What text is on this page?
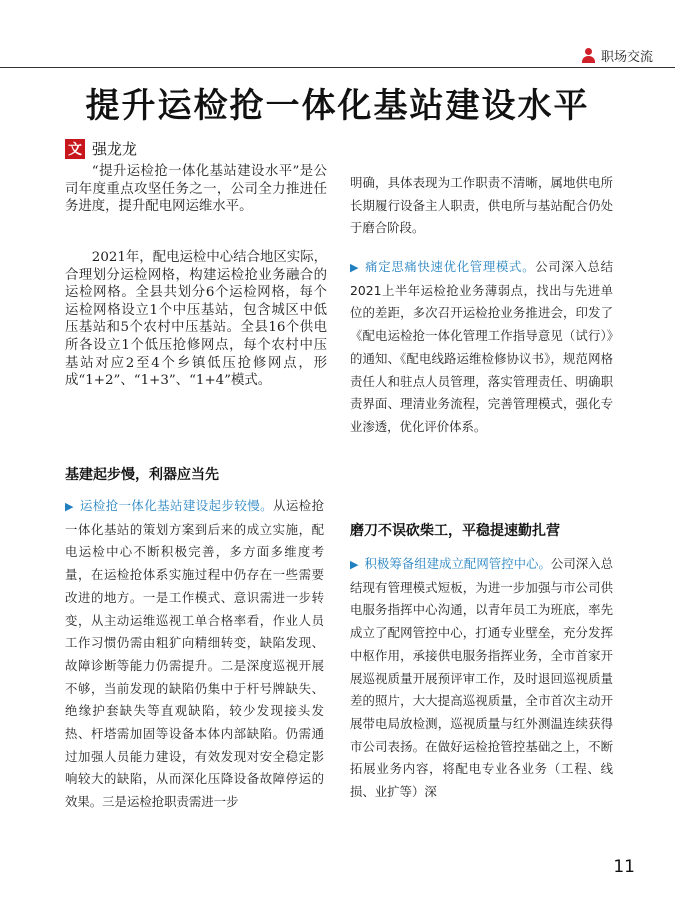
职场交流
提升运检抢一体化基站建设水平
文 强龙龙

“提升运检抢一体化基站建设水平”是公司年度重点攻坚任务之一，公司全力推进任务进度，提升配电网运维水平。

2021年，配电运检中心结合地区实际，合理划分运检网格，构建运检抢业务融合的运检网格。全县共划分6个运检网格，每个运检网格设立1个中压基站，包含城区中低压基站和5个农村中压基站。全县16个供电所各设立1个低压抢修网点，每个农村中压基站对应2至4个乡镇低压抢修网点，形成“1+2”、“1+3”、“1+4”模式。

基建起步慢，利器应当先

▶ 运检抢一体化基站建设起步较慢。从运检抢一体化基站的策划方案到后来的成立实施，配电运检中心不断积极完善，多方面多维度考量，在运检抢体系实施过程中仍存在一些需要改进的地方。一是工作模式、意识需进一步转变，从主动运维巡视工单合格率看，作业人员工作习惯仍需由粗犷向精细转变，缺陷发现、故障诊断等能力仍需提升。二是深度巡视开展不够，当前发现的缺陷仍集中于杆号牌缺失、绝缘护套缺失等直观缺陷，较少发现接头发热、杆塔需加固等设备本体内部缺陷。仍需通过加强人员能力建设，有效发现对安全稳定影响较大的缺陷，从而深化压降设备故障停运的效果。三是运检抢职责需进一步

明确，具体表现为工作职责不清晰，属地供电所长期履行设备主人职责，供电所与基站配合仍处于磨合阶段。

▶ 痛定思痛快速优化管理模式。公司深入总结2021上半年运检抢业务薄弱点，找出与先进单位的差距，多次召开运检抢业务推进会，印发了《配电运检抢一体化管理工作指导意见（试行）》的通知、《配电线路运维检修协议书》，规范网格责任人和驻点人员管理，落实管理责任、明确职责界面、理清业务流程，完善管理模式，强化专业渗透，优化评价体系。

磨刀不误砍柴工，平稳提速勤扎营

▶ 积极筹备组建成立配网管控中心。公司深入总结现有管理模式短板，为进一步加强与市公司供电服务指挥中心沟通，以青年员工为班底，率先成立了配网管控中心，打通专业壁垒，充分发挥中枢作用，承接供电服务指挥业务，全市首家开展巡视质量开展预评审工作，及时退回巡视质量差的照片，大大提高巡视质量，全市首次主动开展带电局放检测，巡视质量与红外测温连续获得市公司表扬。在做好运检抢管控基础之上，不断拓展业务内容，将配电专业各业务（工程、线损、业扩等）深

11
